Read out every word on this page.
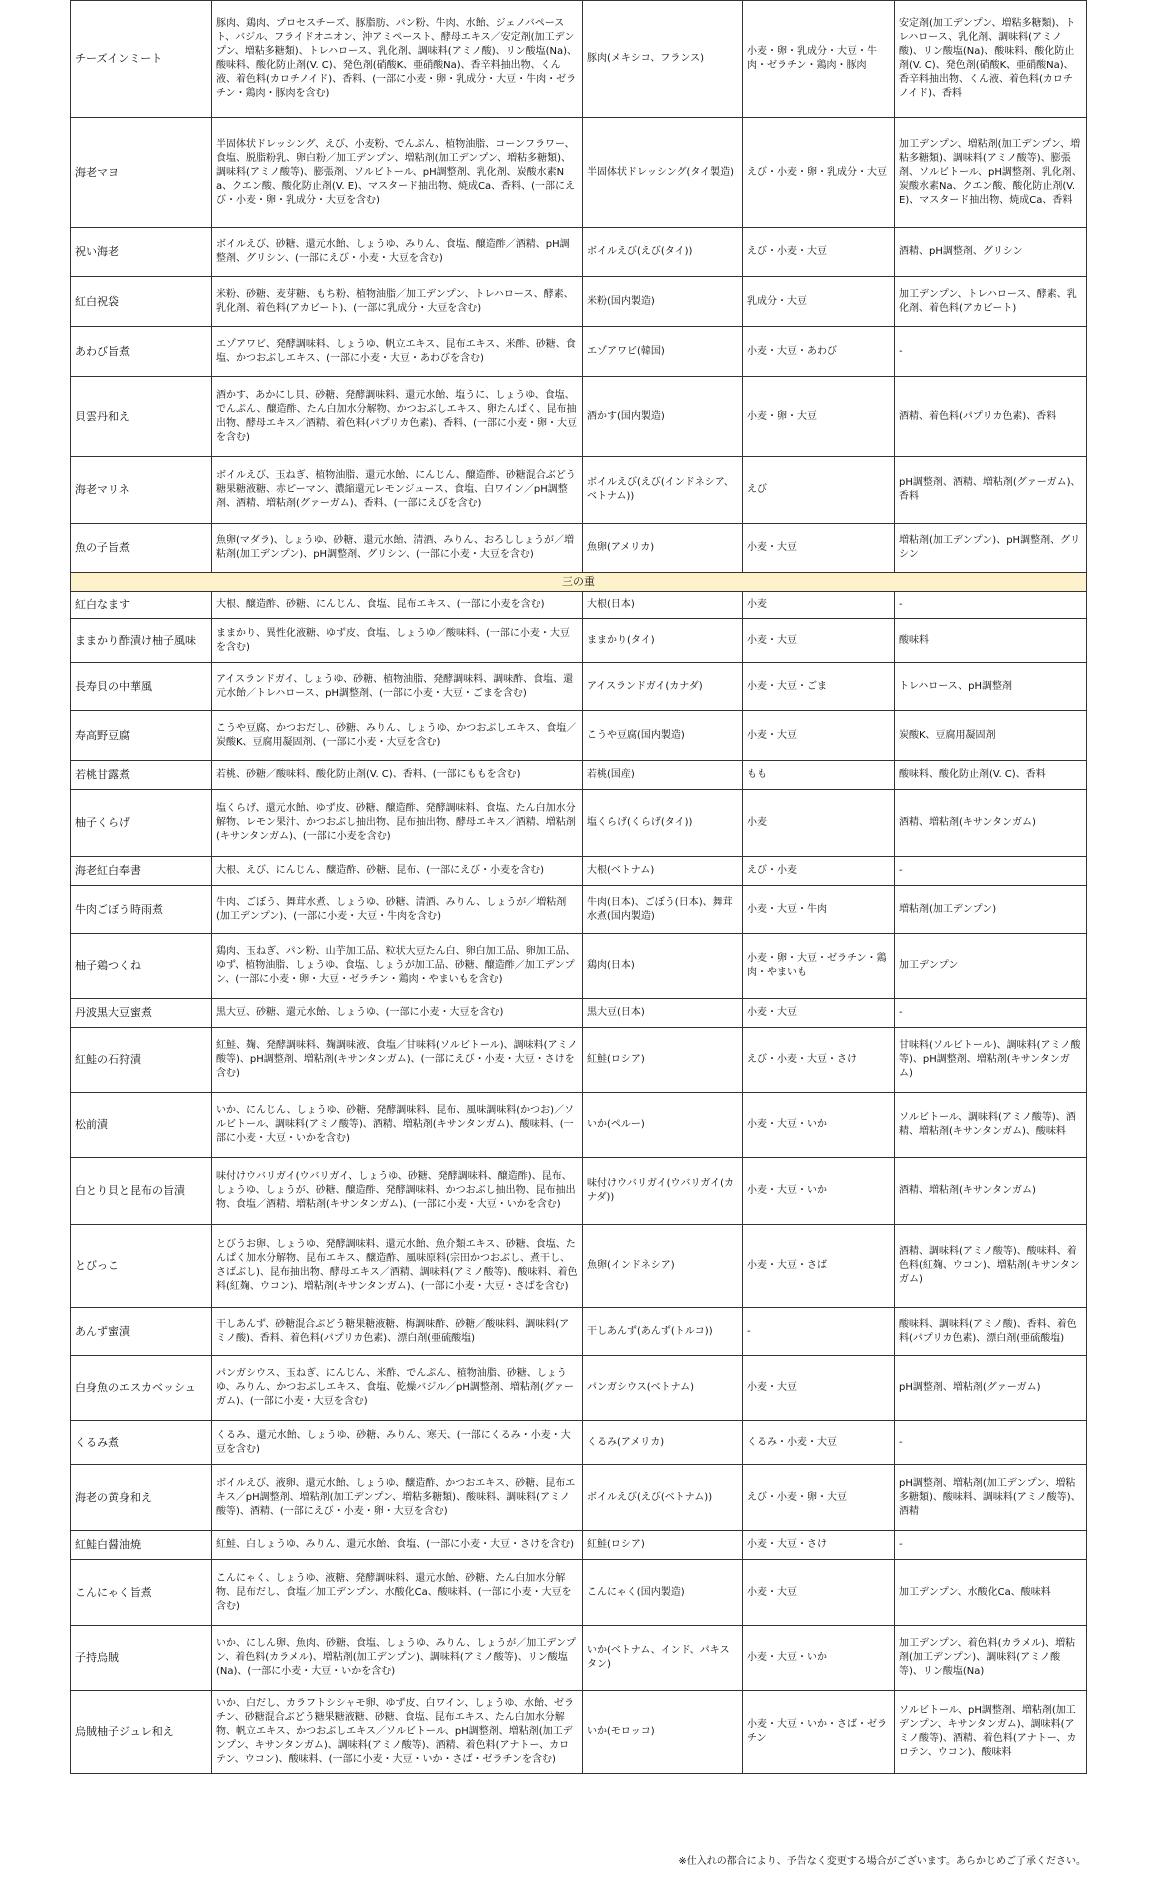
チーズインミート	豚肉、鶏肉、プロセスチーズ、豚脂肪、パン粉、牛肉、水飴、ジェノバペースト、バジル、フライドオニオン、沖アミペースト、酵母エキス／安定剤(加工デンプン、増粘多糖類)、トレハロース、乳化剤、調味料(アミノ酸)、リン酸塩(Na)、酸味料、酸化防止剤(V. C)、発色剤(硝酸K、亜硝酸Na)、香辛料抽出物、くん液、着色料(カロチノイド)、香料、(一部に小麦・卵・乳成分・大豆・牛肉・ゼラチン・鶏肉・豚肉を含む)	豚肉(メキシコ、フランス)	小麦・卵・乳成分・大豆・牛肉・ゼラチン・鶏肉・豚肉	安定剤(加工デンプン、増粘多糖類)、トレハロース、乳化剤、調味料(アミノ酸)、リン酸塩(Na)、酸味料、酸化防止剤(V. C)、発色剤(硝酸K、亜硝酸Na)、香辛料抽出物、くん液、着色料(カロチノイド)、香料
海老マヨ	半固体状ドレッシング、えび、小麦粉、でんぷん、植物油脂、コーンフラワー、食塩、脱脂粉乳、卵白粉／加工デンプン、増粘剤(加工デンプン、増粘多糖類)、調味料(アミノ酸等)、膨張剤、ソルビトール、pH調整剤、乳化剤、炭酸水素Na、クエン酸、酸化防止剤(V. E)、マスタード抽出物、焼成Ca、香料、(一部にえび・小麦・卵・乳成分・大豆を含む)	半固体状ドレッシング(タイ製造)	えび・小麦・卵・乳成分・大豆	加工デンプン、増粘剤(加工デンプン、増粘多糖類)、調味料(アミノ酸等)、膨張剤、ソルビトール、pH調整剤、乳化剤、炭酸水素Na、クエン酸、酸化防止剤(V. E)、マスタード抽出物、焼成Ca、香料
祝い海老	ボイルえび、砂糖、還元水飴、しょうゆ、みりん、食塩、醸造酢／酒精、pH調整剤、グリシン、(一部にえび・小麦・大豆を含む)	ボイルえび(えび(タイ))	えび・小麦・大豆	酒精、pH調整剤、グリシン
紅白祝袋	米粉、砂糖、麦芽糖、もち粉、植物油脂／加工デンプン、トレハロース、酵素、乳化剤、着色料(アカビート)、(一部に乳成分・大豆を含む)	米粉(国内製造)	乳成分・大豆	加工デンプン、トレハロース、酵素、乳化剤、着色料(アカビート)
あわび旨煮	エゾアワビ、発酵調味料、しょうゆ、帆立エキス、昆布エキス、米酢、砂糖、食塩、かつおぶしエキス、(一部に小麦・大豆・あわびを含む)	エゾアワビ(韓国)	小麦・大豆・あわび	-
貝雲丹和え	酒かす、あかにし貝、砂糖、発酵調味料、還元水飴、塩うに、しょうゆ、食塩、でんぷん、醸造酢、たん白加水分解物、かつおぶしエキス、卵たんぱく、昆布抽出物、酵母エキス／酒精、着色料(パプリカ色素)、香料、(一部に小麦・卵・大豆を含む)	酒かす(国内製造)	小麦・卵・大豆	酒精、着色料(パプリカ色素)、香料
海老マリネ	ボイルえび、玉ねぎ、植物油脂、還元水飴、にんじん、醸造酢、砂糖混合ぶどう糖果糖液糖、赤ピーマン、濃縮還元レモンジュース、食塩、白ワイン／pH調整剤、酒精、増粘剤(グァーガム)、香料、(一部にえびを含む)	ボイルえび(えび(インドネシア、ベトナム))	えび	pH調整剤、酒精、増粘剤(グァーガム)、香料
魚の子旨煮	魚卵(マダラ)、しょうゆ、砂糖、還元水飴、清酒、みりん、おろししょうが／増粘剤(加工デンプン)、pH調整剤、グリシン、(一部に小麦・大豆を含む)	魚卵(アメリカ)	小麦・大豆	増粘剤(加工デンプン)、pH調整剤、グリシン
三の重				
紅白なます	大根、醸造酢、砂糖、にんじん、食塩、昆布エキス、(一部に小麦を含む)	大根(日本)	小麦	-
ままかり酢漬け柚子風味	ままかり、異性化液糖、ゆず皮、食塩、しょうゆ／酸味料、(一部に小麦・大豆を含む)	ままかり(タイ)	小麦・大豆	酸味料
長寿貝の中華風	アイスランドガイ、しょうゆ、砂糖、植物油脂、発酵調味料、調味酢、食塩、還元水飴／トレハロース、pH調整剤、(一部に小麦・大豆・ごまを含む)	アイスランドガイ(カナダ)	小麦・大豆・ごま	トレハロース、pH調整剤
寿高野豆腐	こうや豆腐、かつおだし、砂糖、みりん、しょうゆ、かつおぶしエキス、食塩／炭酸K、豆腐用凝固剤、(一部に小麦・大豆を含む)	こうや豆腐(国内製造)	小麦・大豆	炭酸K、豆腐用凝固剤
若桃甘露煮	若桃、砂糖／酸味料、酸化防止剤(V. C)、香料、(一部にももを含む)	若桃(国産)	もも	酸味料、酸化防止剤(V. C)、香料
柚子くらげ	塩くらげ、還元水飴、ゆず皮、砂糖、醸造酢、発酵調味料、食塩、たん白加水分解物、レモン果汁、かつおぶし抽出物、昆布抽出物、酵母エキス／酒精、増粘剤(キサンタンガム)、(一部に小麦を含む)	塩くらげ(くらげ(タイ))	小麦	酒精、増粘剤(キサンタンガム)
海老紅白奉書	大根、えび、にんじん、醸造酢、砂糖、昆布、(一部にえび・小麦を含む)	大根(ベトナム)	えび・小麦	-
牛肉ごぼう時雨煮	牛肉、ごぼう、舞茸水煮、しょうゆ、砂糖、清酒、みりん、しょうが／増粘剤(加工デンプン)、(一部に小麦・大豆・牛肉を含む)	牛肉(日本)、ごぼう(日本)、舞茸水煮(国内製造)	小麦・大豆・牛肉	増粘剤(加工デンプン)
柚子鶏つくね	鶏肉、玉ねぎ、パン粉、山芋加工品、粒状大豆たん白、卵白加工品、卵加工品、ゆず、植物油脂、しょうゆ、食塩、しょうが加工品、砂糖、醸造酢／加工デンプン、(一部に小麦・卵・大豆・ゼラチン・鶏肉・やまいもを含む)	鶏肉(日本)	小麦・卵・大豆・ゼラチン・鶏肉・やまいも	加工デンプン
丹波黒大豆蜜煮	黒大豆、砂糖、還元水飴、しょうゆ、(一部に小麦・大豆を含む)	黒大豆(日本)	小麦・大豆	-
紅鮭の石狩漬	紅鮭、麹、発酵調味料、麹調味液、食塩／甘味料(ソルビトール)、調味料(アミノ酸等)、pH調整剤、増粘剤(キサンタンガム)、(一部にえび・小麦・大豆・さけを含む)	紅鮭(ロシア)	えび・小麦・大豆・さけ	甘味料(ソルビトール)、調味料(アミノ酸等)、pH調整剤、増粘剤(キサンタンガム)
松前漬	いか、にんじん、しょうゆ、砂糖、発酵調味料、昆布、風味調味料(かつお)／ソルビトール、調味料(アミノ酸等)、酒精、増粘剤(キサンタンガム)、酸味料、(一部に小麦・大豆・いかを含む)	いか(ペルー)	小麦・大豆・いか	ソルビトール、調味料(アミノ酸等)、酒精、増粘剤(キサンタンガム)、酸味料
白とり貝と昆布の旨漬	味付けウバリガイ(ウバリガイ、しょうゆ、砂糖、発酵調味料、醸造酢)、昆布、しょうゆ、しょうが、砂糖、醸造酢、発酵調味料、かつおぶし抽出物、昆布抽出物、食塩／酒精、増粘剤(キサンタンガム)、(一部に小麦・大豆・いかを含む)	味付けウバリガイ(ウバリガイ(カナダ))	小麦・大豆・いか	酒精、増粘剤(キサンタンガム)
とびっこ	とびうお卵、しょうゆ、発酵調味料、還元水飴、魚介類エキス、砂糖、食塩、たんぱく加水分解物、昆布エキス、醸造酢、風味原料(宗田かつおぶし、煮干し、さばぶし)、昆布抽出物、酵母エキス／酒精、調味料(アミノ酸等)、酸味料、着色料(紅麹、ウコン)、増粘剤(キサンタンガム)、(一部に小麦・大豆・さばを含む)	魚卵(インドネシア)	小麦・大豆・さば	酒精、調味料(アミノ酸等)、酸味料、着色料(紅麹、ウコン)、増粘剤(キサンタンガム)
あんず蜜漬	干しあんず、砂糖混合ぶどう糖果糖液糖、梅調味酢、砂糖／酸味料、調味料(アミノ酸)、香料、着色料(パプリカ色素)、漂白剤(亜硫酸塩)	干しあんず(あんず(トルコ))	-	酸味料、調味料(アミノ酸)、香料、着色料(パプリカ色素)、漂白剤(亜硫酸塩)
白身魚のエスカベッシュ	パンガシウス、玉ねぎ、にんじん、米酢、でんぷん、植物油脂、砂糖、しょうゆ、みりん、かつおぶしエキス、食塩、乾燥バジル／pH調整剤、増粘剤(グァーガム)、(一部に小麦・大豆を含む)	パンガシウス(ベトナム)	小麦・大豆	pH調整剤、増粘剤(グァーガム)
くるみ煮	くるみ、還元水飴、しょうゆ、砂糖、みりん、寒天、(一部にくるみ・小麦・大豆を含む)	くるみ(アメリカ)	くるみ・小麦・大豆	-
海老の黄身和え	ボイルえび、液卵、還元水飴、しょうゆ、醸造酢、かつおエキス、砂糖、昆布エキス／pH調整剤、増粘剤(加工デンプン、増粘多糖類)、酸味料、調味料(アミノ酸等)、酒精、(一部にえび・小麦・卵・大豆を含む)	ボイルえび(えび(ベトナム))	えび・小麦・卵・大豆	pH調整剤、増粘剤(加工デンプン、増粘多糖類)、酸味料、調味料(アミノ酸等)、酒精
紅鮭白醤油焼	紅鮭、白しょうゆ、みりん、還元水飴、食塩、(一部に小麦・大豆・さけを含む)	紅鮭(ロシア)	小麦・大豆・さけ	-
こんにゃく旨煮	こんにゃく、しょうゆ、液糖、発酵調味料、還元水飴、砂糖、たん白加水分解物、昆布だし、食塩／加工デンプン、水酸化Ca、酸味料、(一部に小麦・大豆を含む)	こんにゃく(国内製造)	小麦・大豆	加工デンプン、水酸化Ca、酸味料
子持烏賊	いか、にしん卵、魚肉、砂糖、食塩、しょうゆ、みりん、しょうが／加工デンプン、着色料(カラメル)、増粘剤(加工デンプン)、調味料(アミノ酸等)、リン酸塩(Na)、(一部に小麦・大豆・いかを含む)	いか(ベトナム、インド、パキスタン)	小麦・大豆・いか	加工デンプン、着色料(カラメル)、増粘剤(加工デンプン)、調味料(アミノ酸等)、リン酸塩(Na)
烏賊柚子ジュレ和え	いか、白だし、カラフトシシャモ卵、ゆず皮、白ワイン、しょうゆ、水飴、ゼラチン、砂糖混合ぶどう糖果糖液糖、砂糖、食塩、昆布エキス、たん白加水分解物、帆立エキス、かつおぶしエキス／ソルビトール、pH調整剤、増粘剤(加工デンプン、キサンタンガム)、調味料(アミノ酸等)、酒精、着色料(アナトー、カロテン、ウコン)、酸味料、(一部に小麦・大豆・いか・さば・ゼラチンを含む)	いか(モロッコ)	小麦・大豆・いか・さば・ゼラチン	ソルビトール、pH調整剤、増粘剤(加工デンプン、キサンタンガム)、調味料(アミノ酸等)、酒精、着色料(アナトー、カロテン、ウコン)、酸味料
※仕入れの都合により、予告なく変更する場合がございます。あらかじめご了承ください。
